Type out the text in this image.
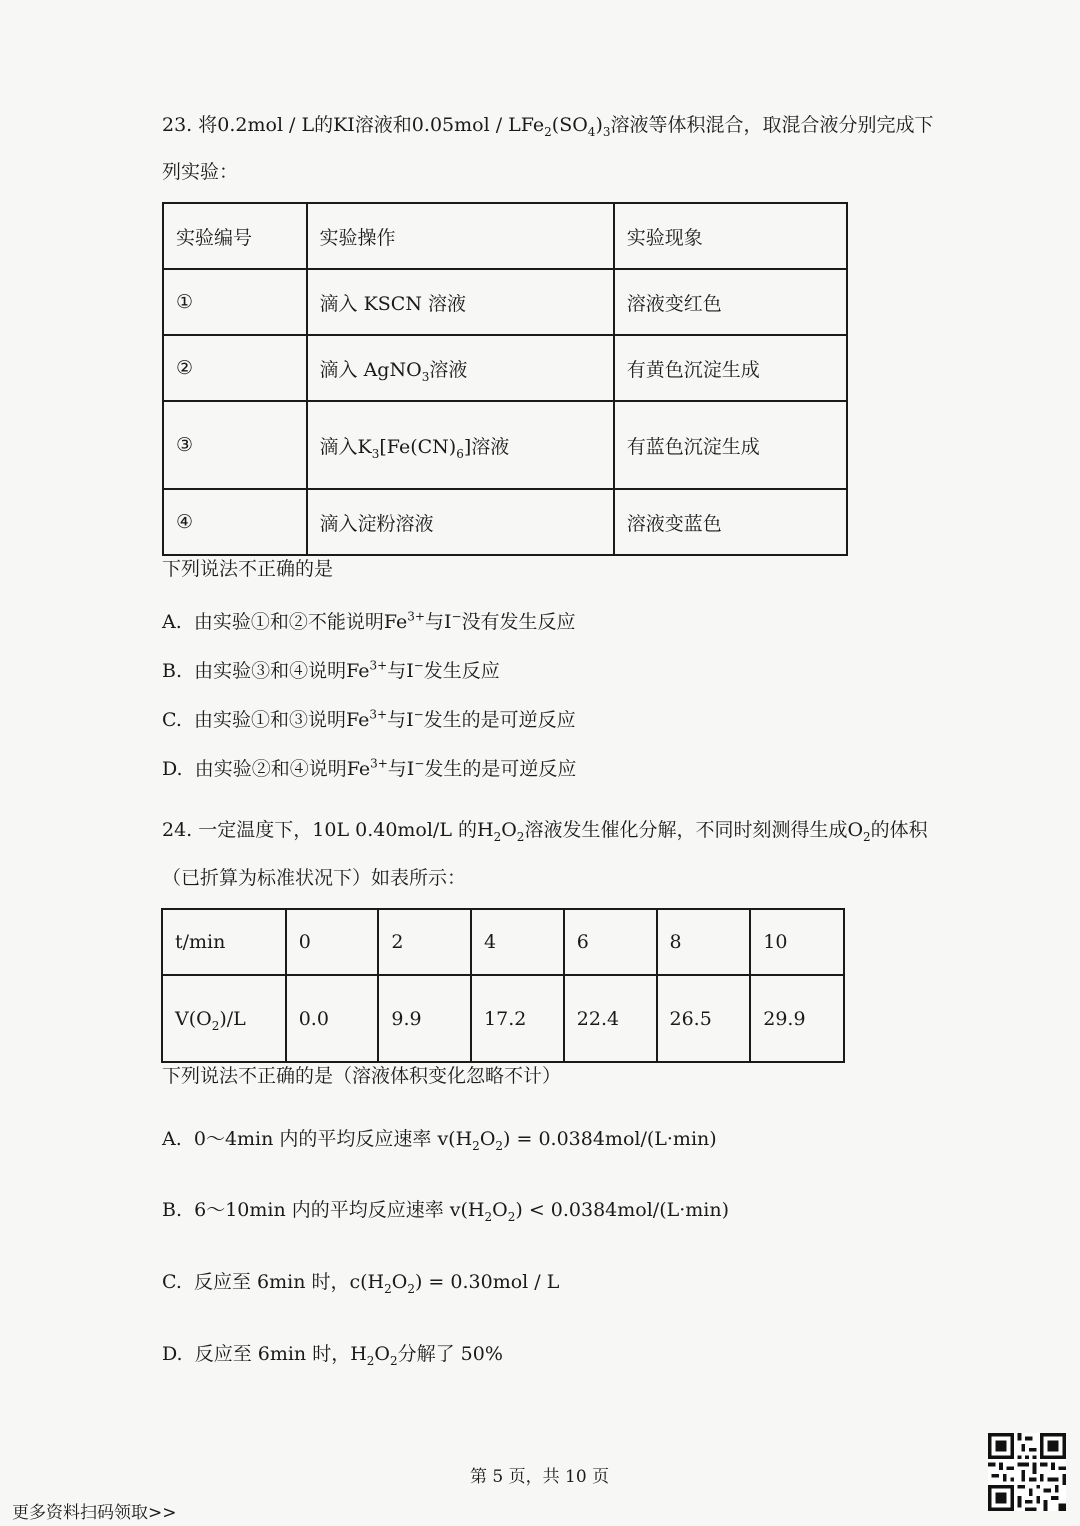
23. 将0.2mol / L的KI溶液和$0.05mol / LFe_2(SO_4)_3$溶液等体积混合，取混合液分别完成下
列实验：
实验编号	实验操作	实验现象
①	滴入 KSCN 溶液	溶液变红色
②	滴入 AgNO$_3$溶液	有黄色沉淀生成
③	滴入$K_3[Fe(CN)_6]$溶液	有蓝色沉淀生成
④	滴入淀粉溶液	溶液变蓝色
下列说法不正确的是
A. 由实验①和②不能说明$Fe^{3+}$与I−没有发生反应
B. 由实验③和④说明$Fe^{3+}$与I−发生反应
C. 由实验①和③说明$Fe^{3+}$与I−发生的是可逆反应
D. 由实验②和④说明$Fe^{3+}$与I−发生的是可逆反应
24. 一定温度下，10L 0.40mol/L 的$H_2O_2$溶液发生催化分解，不同时刻测得生成$O_2$的体积
（已折算为标准状况下）如表所示：
t/min	0	2	4	6	8	10
$V(O_2)/L$	0.0	9.9	17.2	22.4	26.5	29.9
下列说法不正确的是（溶液体积变化忽略不计）
A. 0～4min 内的平均反应速率 $v(H_2O_2) = 0.0384mol/(L\cdot\min)$
B. 6～10min 内的平均反应速率 $v(H_2O_2) < 0.0384mol/(L\cdot\min)$
C. 反应至 6min 时，$c(H_2O_2) = 0.30mol / L$
D. 反应至 6min 时，$H_2O_2$分解了 50%
第 5 页，共 10 页
更多资料扫码领取>>
